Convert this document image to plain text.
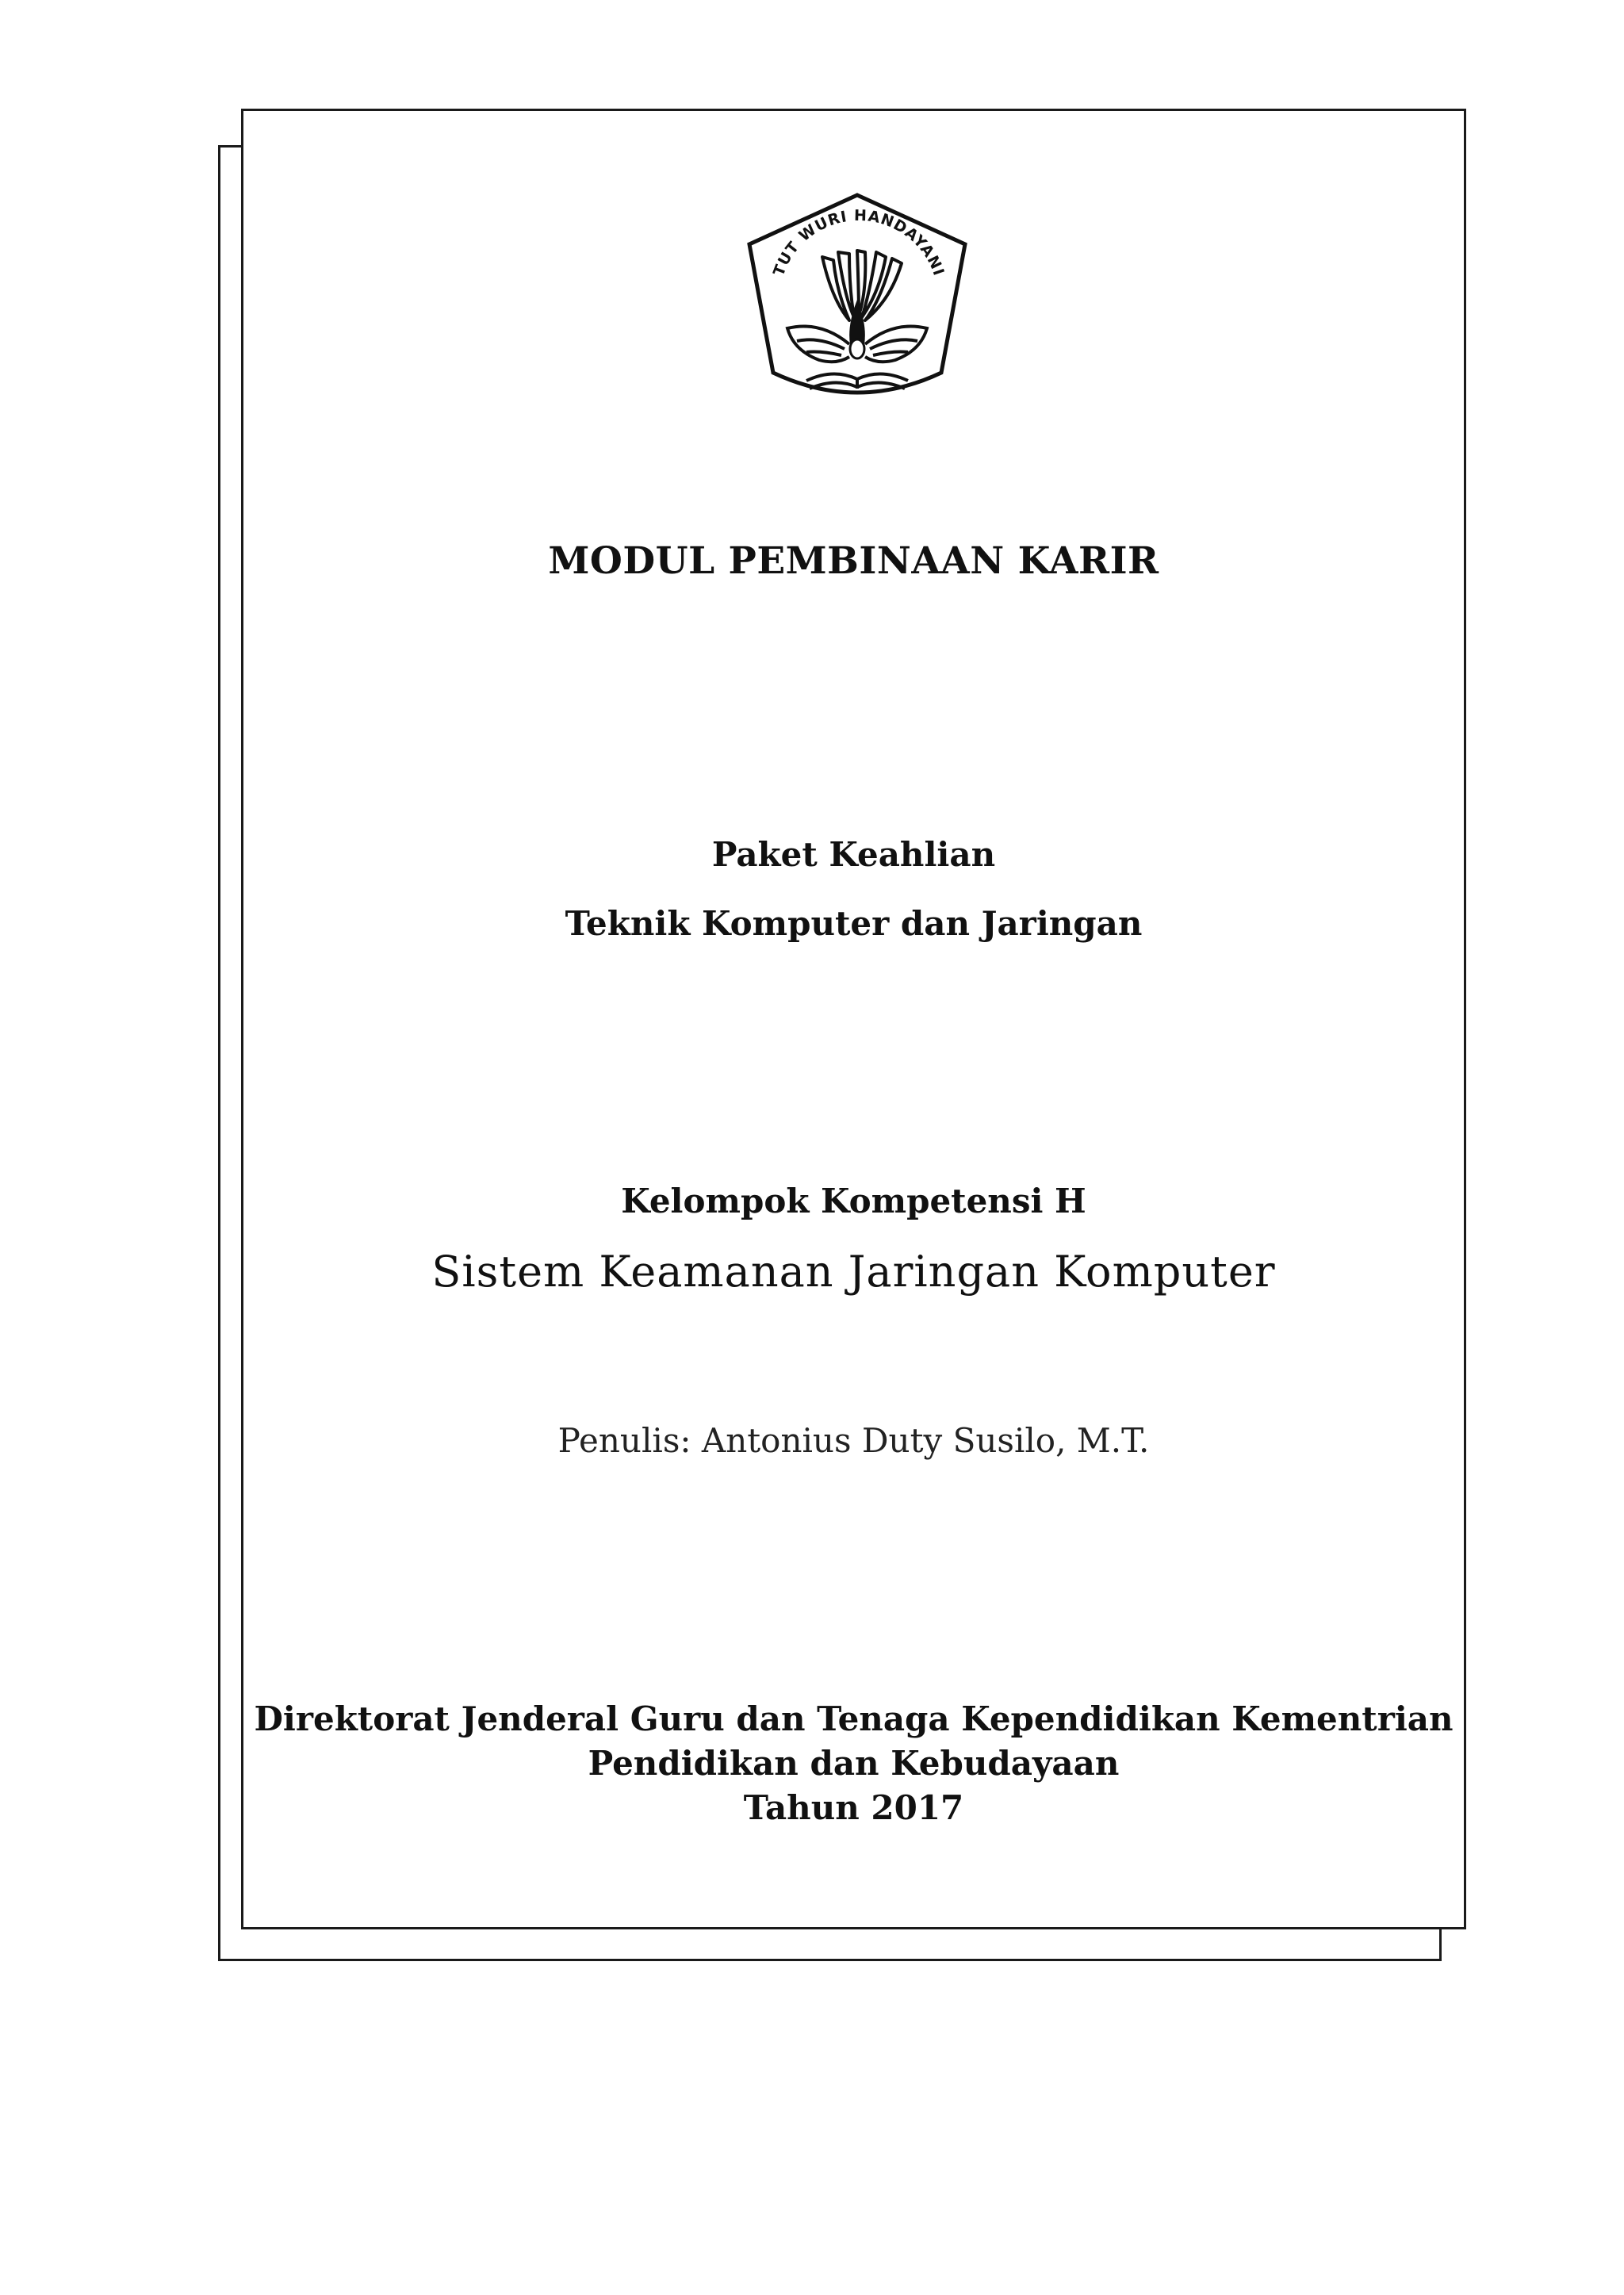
TUT WURI HANDAYANI
MODUL PEMBINAAN KARIR
Paket Keahlian
Teknik Komputer dan Jaringan
Kelompok Kompetensi H
Sistem Keamanan Jaringan Komputer
Penulis: Antonius Duty Susilo, M.T.
Direktorat Jenderal Guru dan Tenaga Kependidikan Kementrian
Pendidikan dan Kebudayaan
Tahun 2017
